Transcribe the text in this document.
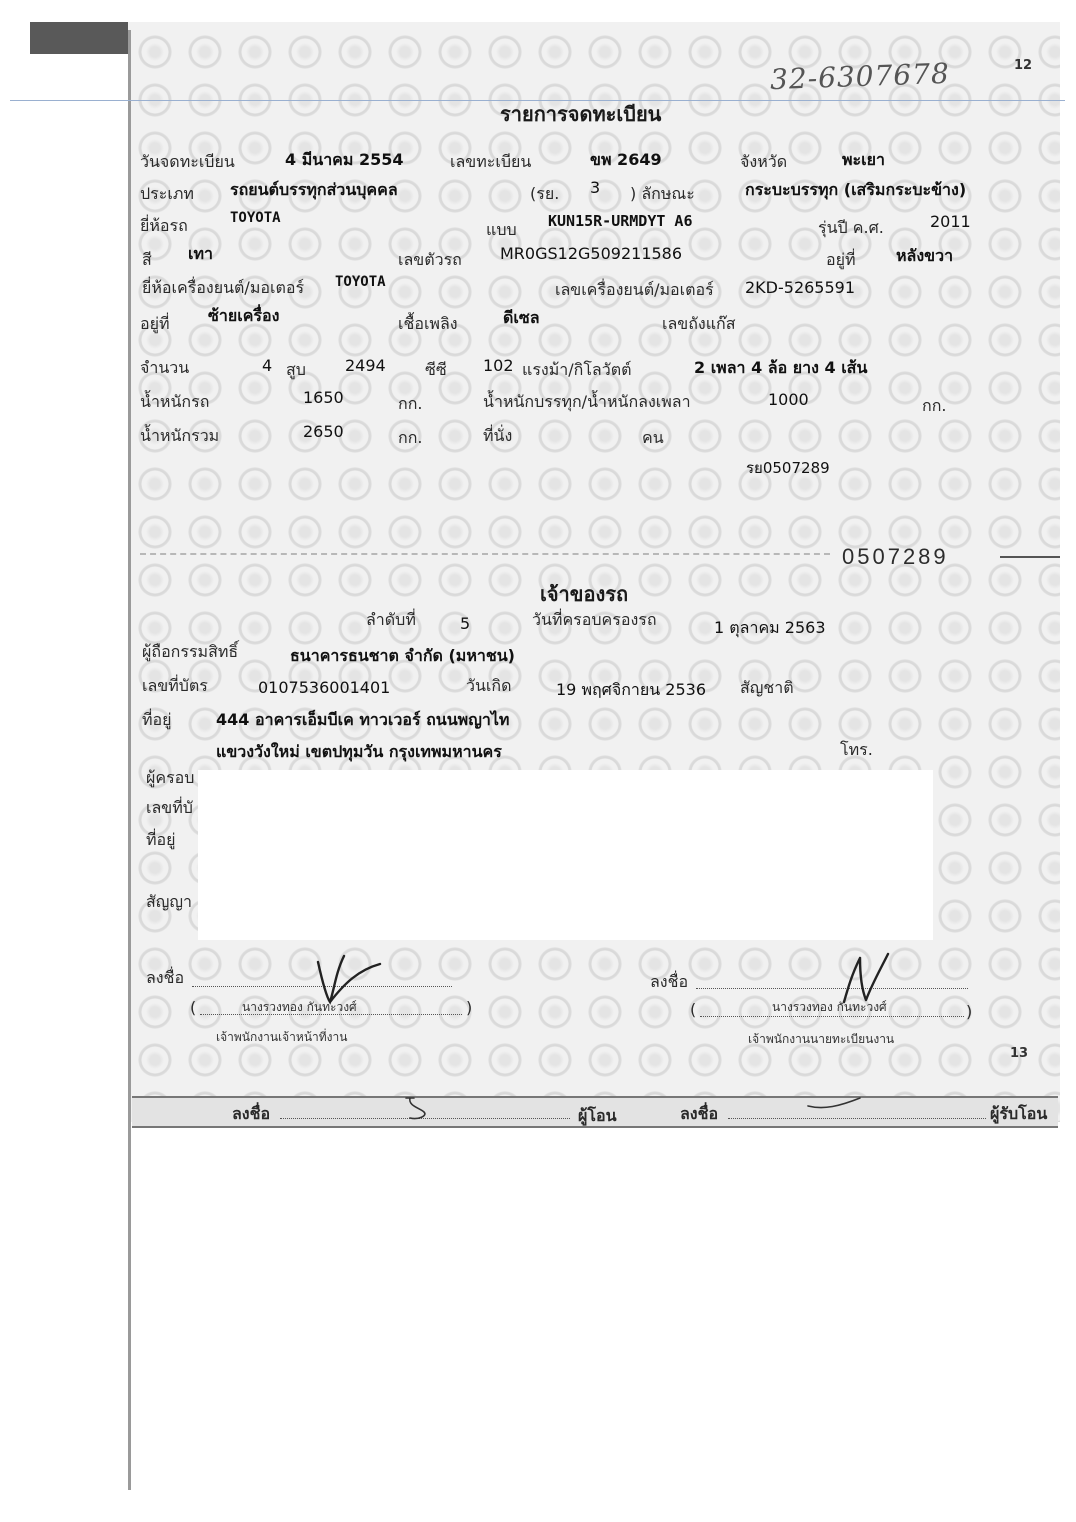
32-6307678	12
รายการจดทะเบียน
วันจดทะเบียน	4 มีนาคม 2554	เลขทะเบียน	ขพ 2649	จังหวัด	พะเยา
ประเภท รถยนต์บรรทุกส่วนบุคคล	(รย. 3 ) ลักษณะ	กระบะบรรทุก (เสริมกระบะข้าง)
ยี่ห้อรถ	TOYOTA
แบบ KUN15R-URMDYT A6	รุ่นปี ค.ศ.	2011
สี เทา	เลขตัวรถ MR0GS12G509211586	อยู่ที่	หลังขวา
ยี่ห้อเครื่องยนต์/มอเตอร์ TOYOTA	เลขเครื่องยนต์/มอเตอร์ 2KD-5265591
อยู่ที่ ซ้ายเครื่อง	เชื้อเพลิง	ดีเซล	เลขถังแก๊ส
จำนวน	4 สูบ 2494 ซีซี 102 แรงม้า/กิโลวัตต์	2 เพลา 4 ล้อ ยาง 4 เส้น
น้ำหนักรถ	1650	กก.	น้ำหนักบรรทุก/น้ำหนักลงเพลา	1000	กก.
น้ำหนักรวม	2650	กก.	ที่นั่ง	คน
รย0507289
0507289
เจ้าของรถ
ลำดับที่	5	วันที่ครอบครองรถ	1 ตุลาคม 2563
ผู้ถือกรรมสิทธิ์	ธนาคารธนชาต จำกัด (มหาชน)
เลขที่บัตร	0107536001401	วันเกิด	19 พฤศจิกายน 2536 สัญชาติ
ที่อยู่	444 อาคารเอ็มบีเค ทาวเวอร์ ถนนพญาไท
แขวงวังใหม่ เขตปทุมวัน กรุงเทพมหานคร	โทร.
ผู้ครอบ
เลขที่บั
ที่อยู่
สัญญา
ลงชื่อ
(	นางรวงทอง กันทะวงศ์	)
เจ้าพนักงานเจ้าหน้าที่งาน
ลงชื่อ
(	นางรวงทอง กันทะวงศ์	)
เจ้าพนักงานนายทะเบียนงาน
13
ลงชื่อ	ผู้โอน	ลงชื่อ	ผู้รับโอน
